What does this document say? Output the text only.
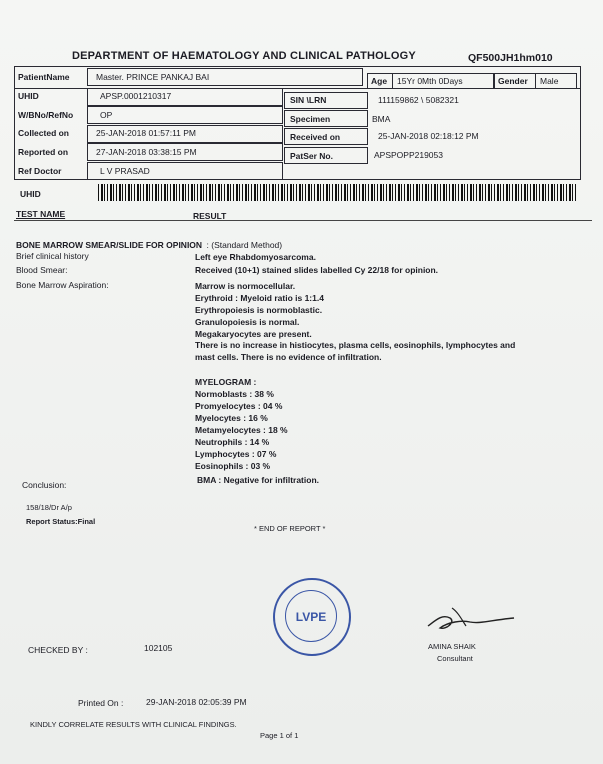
DEPARTMENT OF HAEMATOLOGY AND CLINICAL PATHOLOGY	QF500JH1hm010
PatientName	Master. PRINCE PANKAJ BAI	Age 15Yr 0Mth 0Days	Gender Male
UHID	APSP.0001210317	SIN \LRN	111159862 \ 5082321
W/BNo/RefNo	OP	Specimen	BMA
Collected on	25-JAN-2018 01:57:11 PM	Received on	25-JAN-2018 02:18:12 PM
Reported on	27-JAN-2018 03:38:15 PM	PatSer No.	APSPOPP219053
Ref Doctor	L V PRASAD
UHID
TEST NAME	RESULT
BONE MARROW SMEAR/SLIDE FOR OPINION : (Standard Method)
Brief clinical history	Left eye Rhabdomyosarcoma.
Blood Smear:	Received (10+1) stained slides labelled Cy 22/18 for opinion.
Bone Marrow Aspiration:	Marrow is normocellular.
Erythroid : Myeloid ratio is 1:1.4
Erythropoiesis is normoblastic.
Granulopoiesis is normal.
Megakaryocytes are present.
There is no increase in histiocytes, plasma cells, eosinophils, lymphocytes and
mast cells. There is no evidence of infiltration.
MYELOGRAM :
Normoblasts : 38 %
Promyelocytes : 04 %
Myelocytes : 16 %
Metamyelocytes : 18 %
Neutrophils : 14 %
Lymphocytes : 07 %
Eosinophils : 03 %
BMA : Negative for infiltration.
Conclusion:
158/18/Dr A/p
Report Status:Final
* END OF REPORT *
LVPE
CHECKED BY :	102105	AMINA SHAIK
Consultant
Printed On :	29-JAN-2018 02:05:39 PM
KINDLY CORRELATE RESULTS WITH CLINICAL FINDINGS.
Page 1 of 1
